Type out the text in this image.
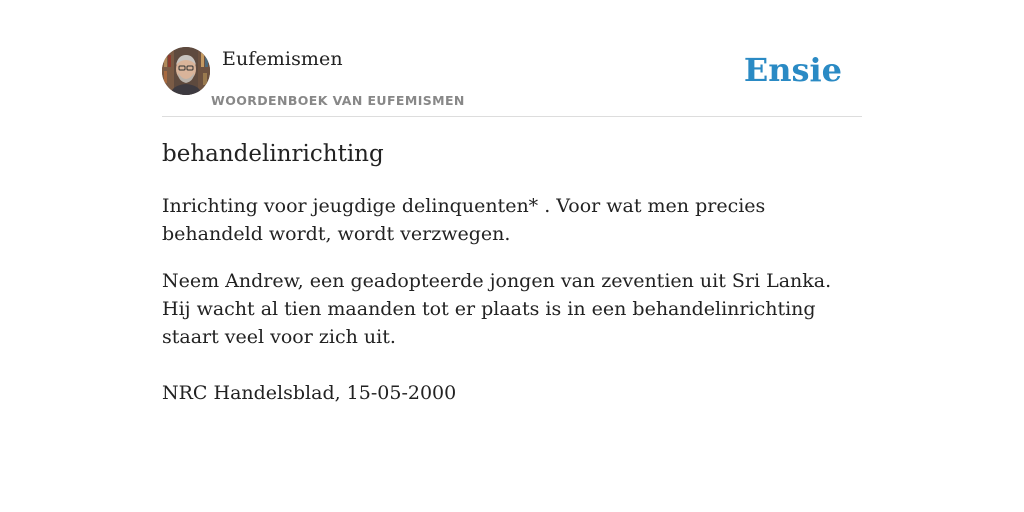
Eufemismen
WOORDENBOEK VAN EUFEMISMEN
Ensie
behandelinrichting

Inrichting voor jeugdige delinquenten* . Voor wat men precies behandeld wordt, wordt verzwegen.

Neem Andrew, een geadopteerde jongen van zeventien uit Sri Lanka. Hij wacht al tien maanden tot er plaats is in een behandelinrichting staart veel voor zich uit.

NRC Handelsblad, 15-05-2000
